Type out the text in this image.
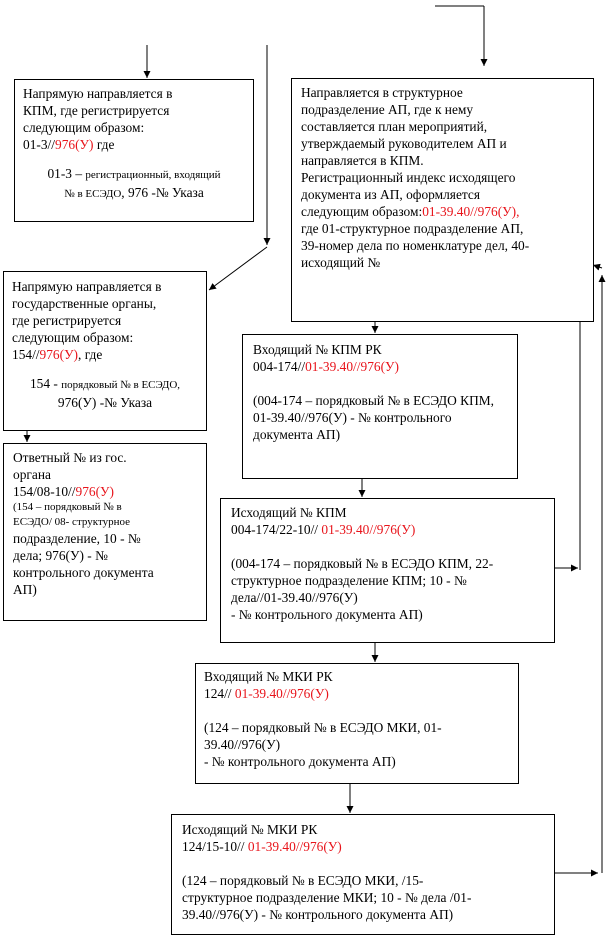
Напрямую направляется в

КПМ, где регистрируется

следующим образом:

01-3//976(У) где

01-3 – регистрационный, входящий

№ в ЕСЭДО, 976 -№ Указа

Направляется в структурное

подразделение АП, где к нему

составляется план мероприятий,

утверждаемый руководителем АП и

направляется в КПМ.

Регистрационный индекс исходящего

документа из АП, оформляется

следующим образом:01-39.40//976(У),

где 01-структурное подразделение АП,

39-номер дела по номенклатуре дел, 40-

исходящий №

Напрямую направляется в

государственные органы,

где регистрируется

следующим образом:

154//976(У), где

154 - порядковый № в ЕСЭДО,

976(У) -№ Указа

Входящий № КПМ РК

004-174//01-39.40//976(У)

(004-174 – порядковый № в ЕСЭДО КПМ,

01-39.40//976(У) - № контрольного

документа АП)

Ответный № из гос.

органа

154/08-10//976(У)

(154 – порядковый № в

ЕСЭДО/ 08- структурное

подразделение, 10 - №

дела; 976(У) - №

контрольного документа

АП)

Исходящий № КПМ

004-174/22-10// 01-39.40//976(У)

(004-174 – порядковый № в ЕСЭДО КПМ, 22-

структурное подразделение КПМ; 10 - №

дела//01-39.40//976(У)

- № контрольного документа АП)

Входящий № МКИ РК

124// 01-39.40//976(У)

(124 – порядковый № в ЕСЭДО МКИ, 01-

39.40//976(У)

- № контрольного документа АП)

Исходящий № МКИ РК

124/15-10// 01-39.40//976(У)

(124 – порядковый № в ЕСЭДО МКИ, /15-

структурное подразделение МКИ; 10 - № дела /01-

39.40//976(У) - № контрольного документа АП)
